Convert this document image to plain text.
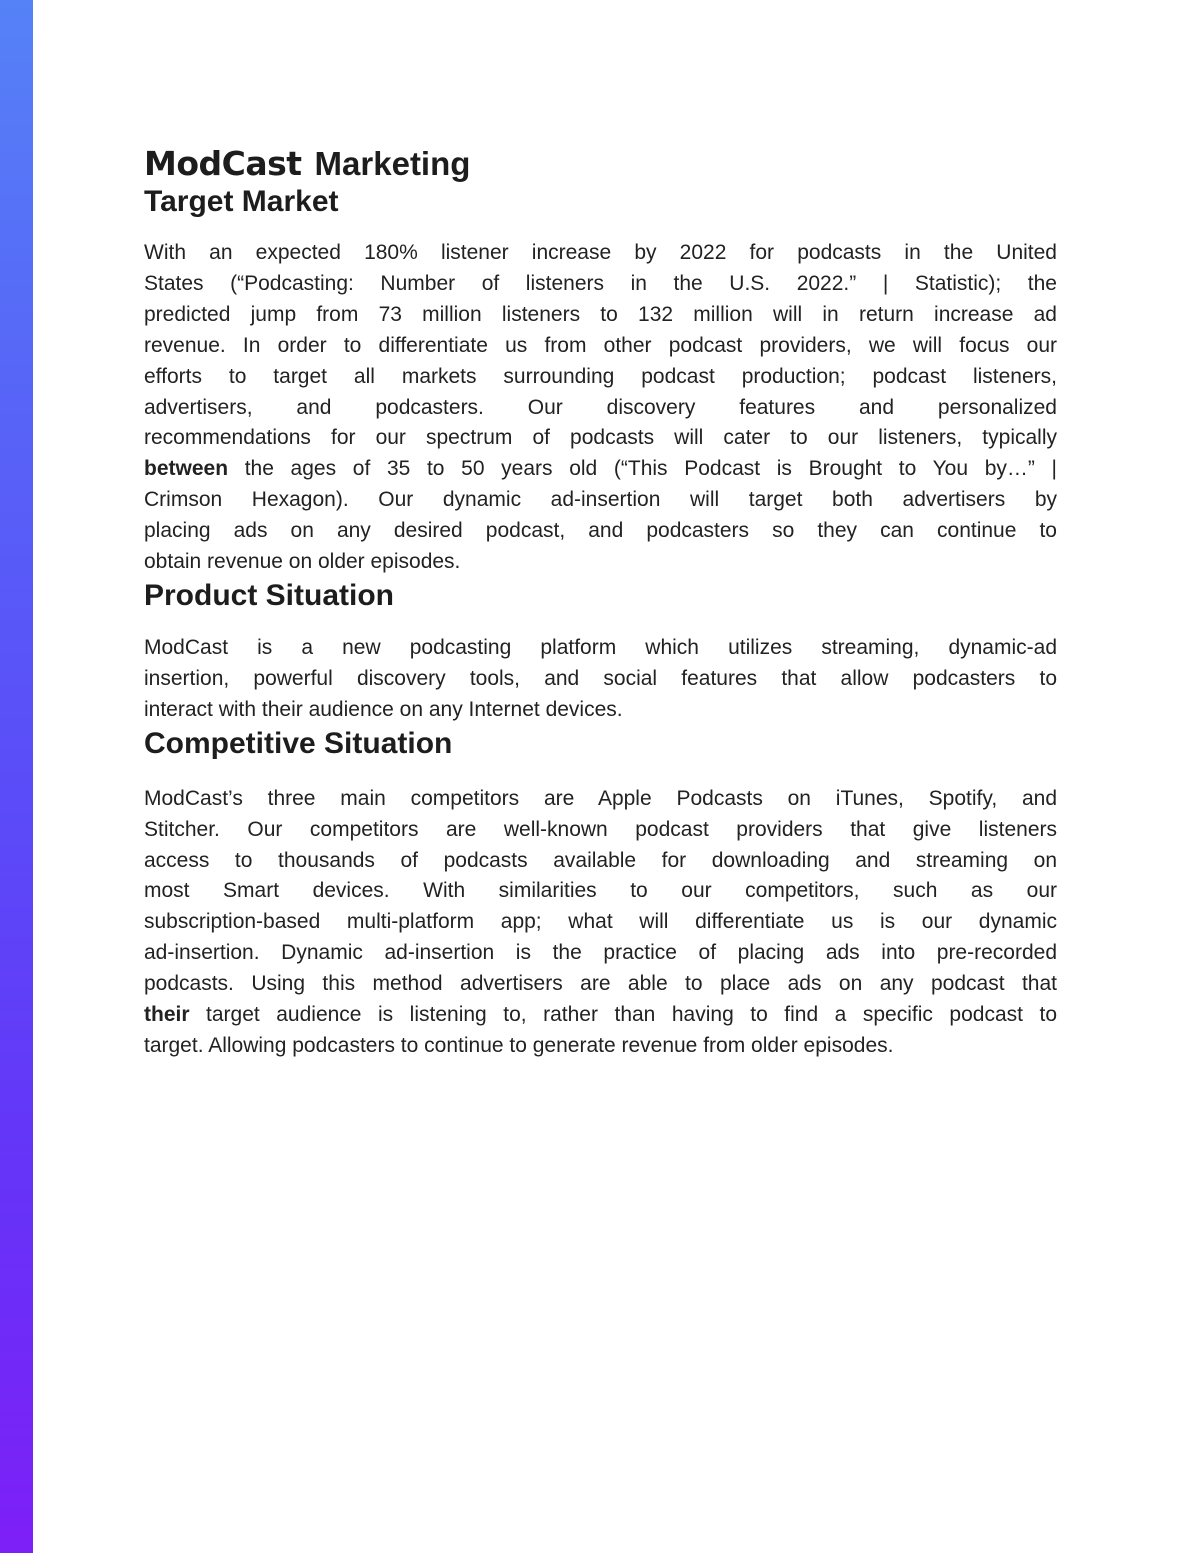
ModCast Marketing
Target Market
With an expected 180% listener increase by 2022 for podcasts in the United
States (“Podcasting: Number of listeners in the U.S. 2022.” | Statistic); the
predicted jump from 73 million listeners to 132 million will in return increase ad
revenue. In order to differentiate us from other podcast providers, we will focus our
efforts to target all markets surrounding podcast production; podcast listeners,
advertisers, and podcasters. Our discovery features and personalized
recommendations for our spectrum of podcasts will cater to our listeners, typically
between the ages of 35 to 50 years old (“This Podcast is Brought to You by…” |
Crimson Hexagon). Our dynamic ad-insertion will target both advertisers by
placing ads on any desired podcast, and podcasters so they can continue to
obtain revenue on older episodes.
Product Situation
ModCast is a new podcasting platform which utilizes streaming, dynamic-ad
insertion, powerful discovery tools, and social features that allow podcasters to
interact with their audience on any Internet devices.
Competitive Situation
ModCast’s three main competitors are Apple Podcasts on iTunes, Spotify, and
Stitcher. Our competitors are well-known podcast providers that give listeners
access to thousands of podcasts available for downloading and streaming on
most Smart devices. With similarities to our competitors, such as our
subscription-based multi-platform app; what will differentiate us is our dynamic
ad-insertion. Dynamic ad-insertion is the practice of placing ads into pre-recorded
podcasts. Using this method advertisers are able to place ads on any podcast that
their target audience is listening to, rather than having to find a specific podcast to
target. Allowing podcasters to continue to generate revenue from older episodes.
